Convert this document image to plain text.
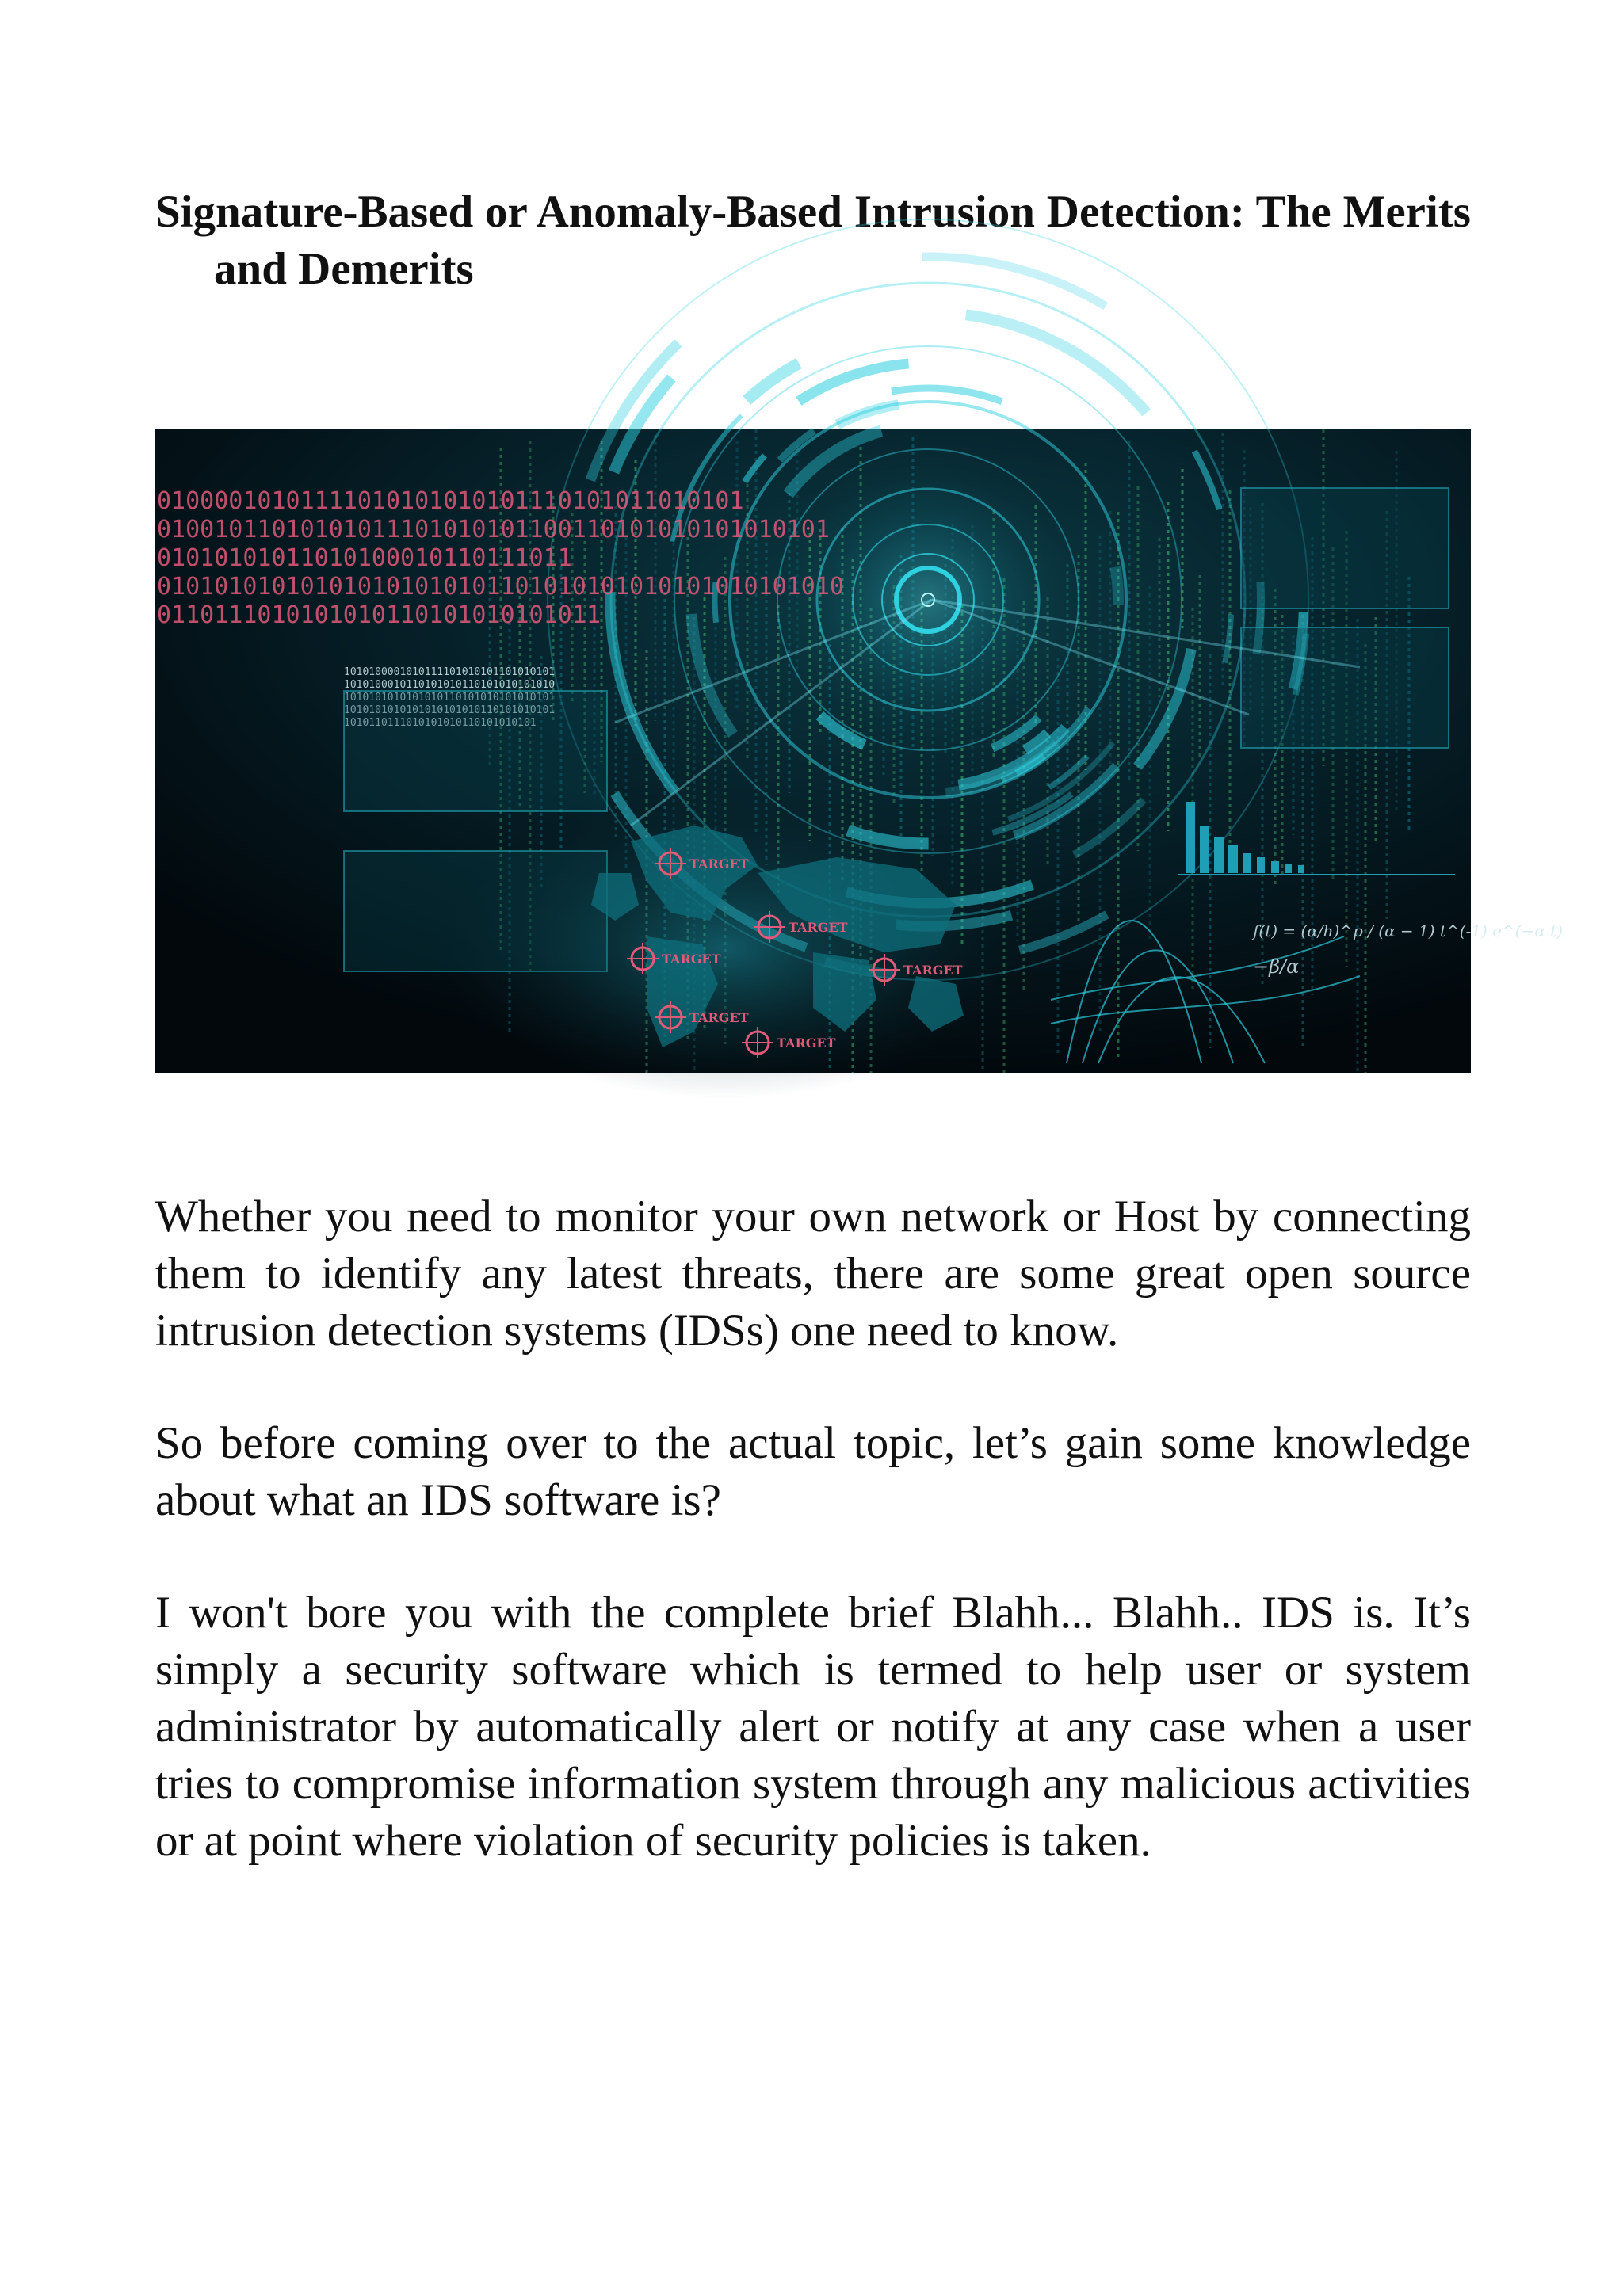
Signature-Based or Anomaly-Based Intrusion Detection: The Merits and Demerits
01000010101111010101010101110101011010101
01001011010101011101010101100110101010101010101
01010101011010100010110111011
010101010101010101010101101010101010101010101010
0110111010101010110101010101011
1010100001010111101010101101010101
1010100010110101010110101010101010
1010101010101010110101010101010101
1010101010101010101010110101010101
1010110111010101010110101010101
TARGET
TARGET
TARGET
TARGET
TARGET
TARGET
f(t) = (α/h)^p / (α − 1) t^(-1) e^(−α t)
−β/α

Whether you need to monitor your own network or Host by connecting them to identify any latest threats, there are some great open source intrusion detection systems (IDSs) one need to know.

So before coming over to the actual topic, let’s gain some knowledge about what an IDS software is?

I won't bore you with the complete brief Blahh... Blahh.. IDS is. It’s simply a security software which is termed to help user or system administrator by automatically alert or notify at any case when a user tries to compromise information system through any malicious activities or at point where violation of security policies is taken.
